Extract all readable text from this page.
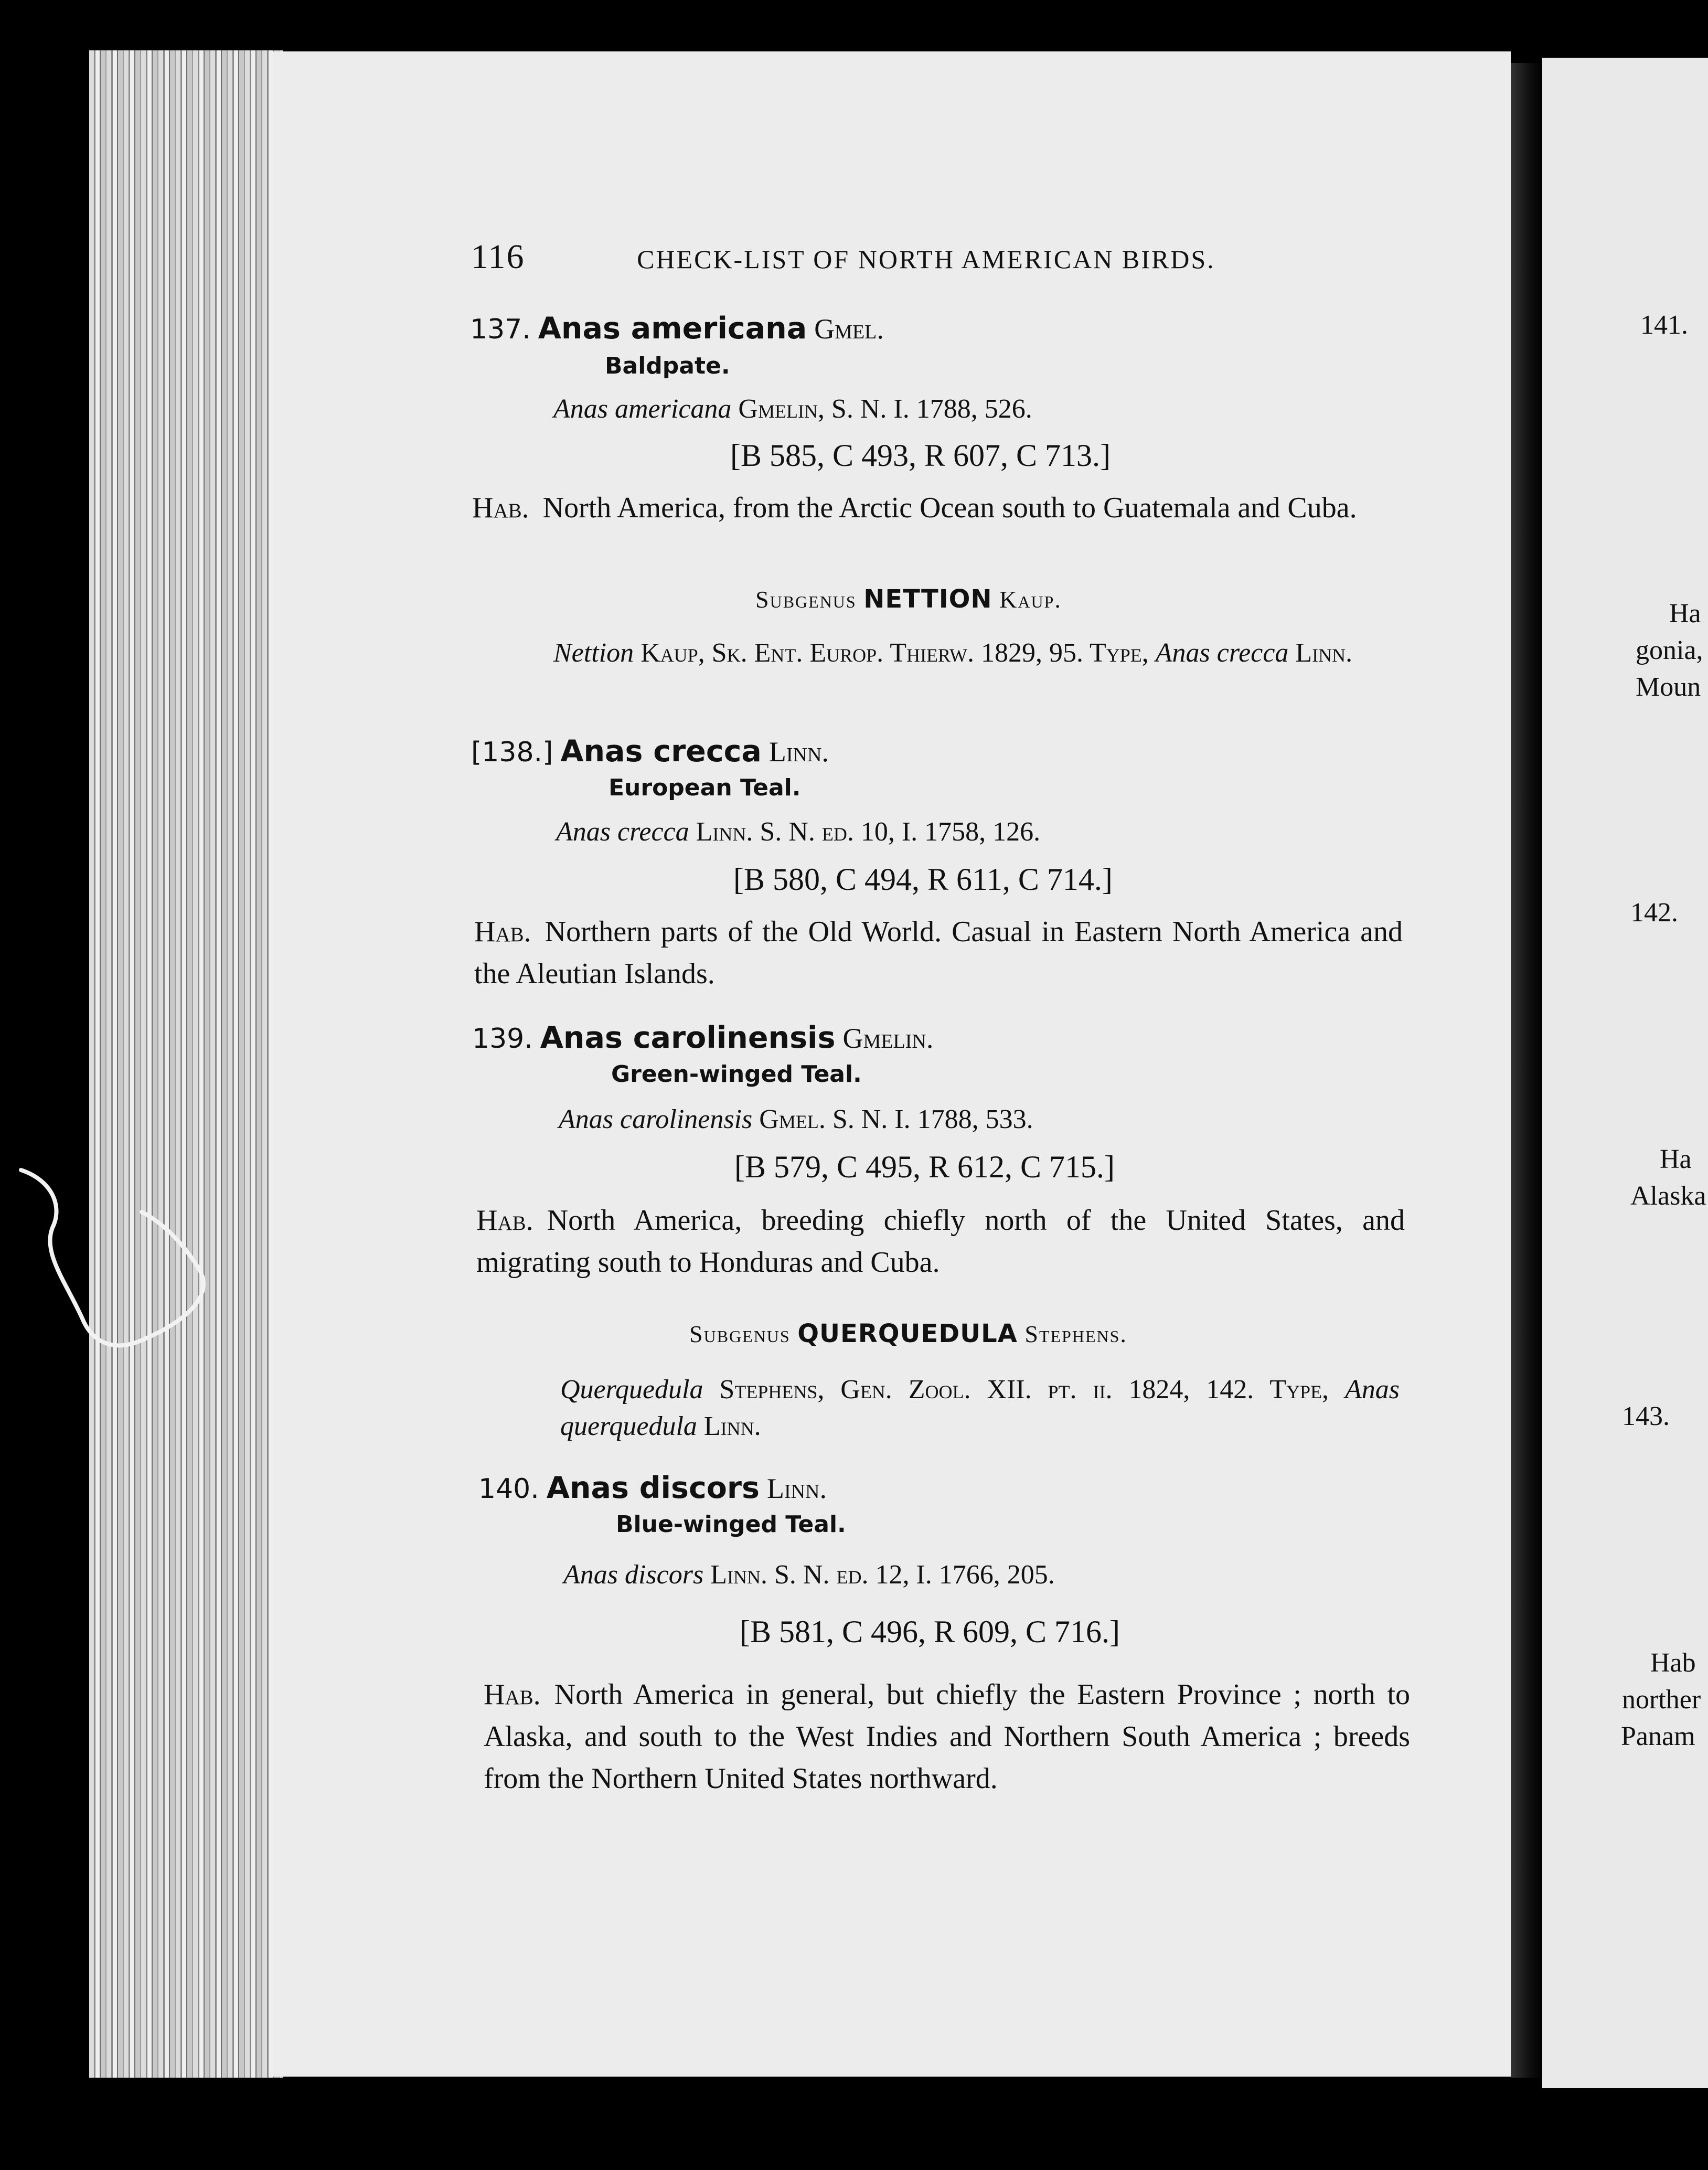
141.
Ha
gonia,
Moun
142.
Ha
Alaska
143.
Hab
norther
Panam
116	CHECK-LIST OF NORTH AMERICAN BIRDS.
137. Anas americana Gmel.
Baldpate.
Anas americana Gmelin, S. N. I. 1788, 526.
[B 585, C 493, R 607, C 713.]
Hab. North America, from the Arctic Ocean south to Guatemala and Cuba.
Subgenus NETTION Kaup.
Nettion Kaup, Sk. Ent. Europ. Thierw. 1829, 95. Type, Anas crecca Linn.
[138.] Anas crecca Linn.
European Teal.
Anas crecca Linn. S. N. ed. 10, I. 1758, 126.
[B 580, C 494, R 611, C 714.]
Hab. Northern parts of the Old World. Casual in Eastern North America and the Aleutian Islands.
139. Anas carolinensis Gmelin.
Green-winged Teal.
Anas carolinensis Gmel. S. N. I. 1788, 533.
[B 579, C 495, R 612, C 715.]
Hab. North America, breeding chiefly north of the United States, and migrating south to Honduras and Cuba.
Subgenus QUERQUEDULA Stephens.
Querquedula Stephens, Gen. Zool. XII. pt. ii. 1824, 142. Type, Anas querquedula Linn.
140. Anas discors Linn.
Blue-winged Teal.
Anas discors Linn. S. N. ed. 12, I. 1766, 205.
[B 581, C 496, R 609, C 716.]
Hab. North America in general, but chiefly the Eastern Province ; north to Alaska, and south to the West Indies and Northern South America ; breeds from the Northern United States northward.
